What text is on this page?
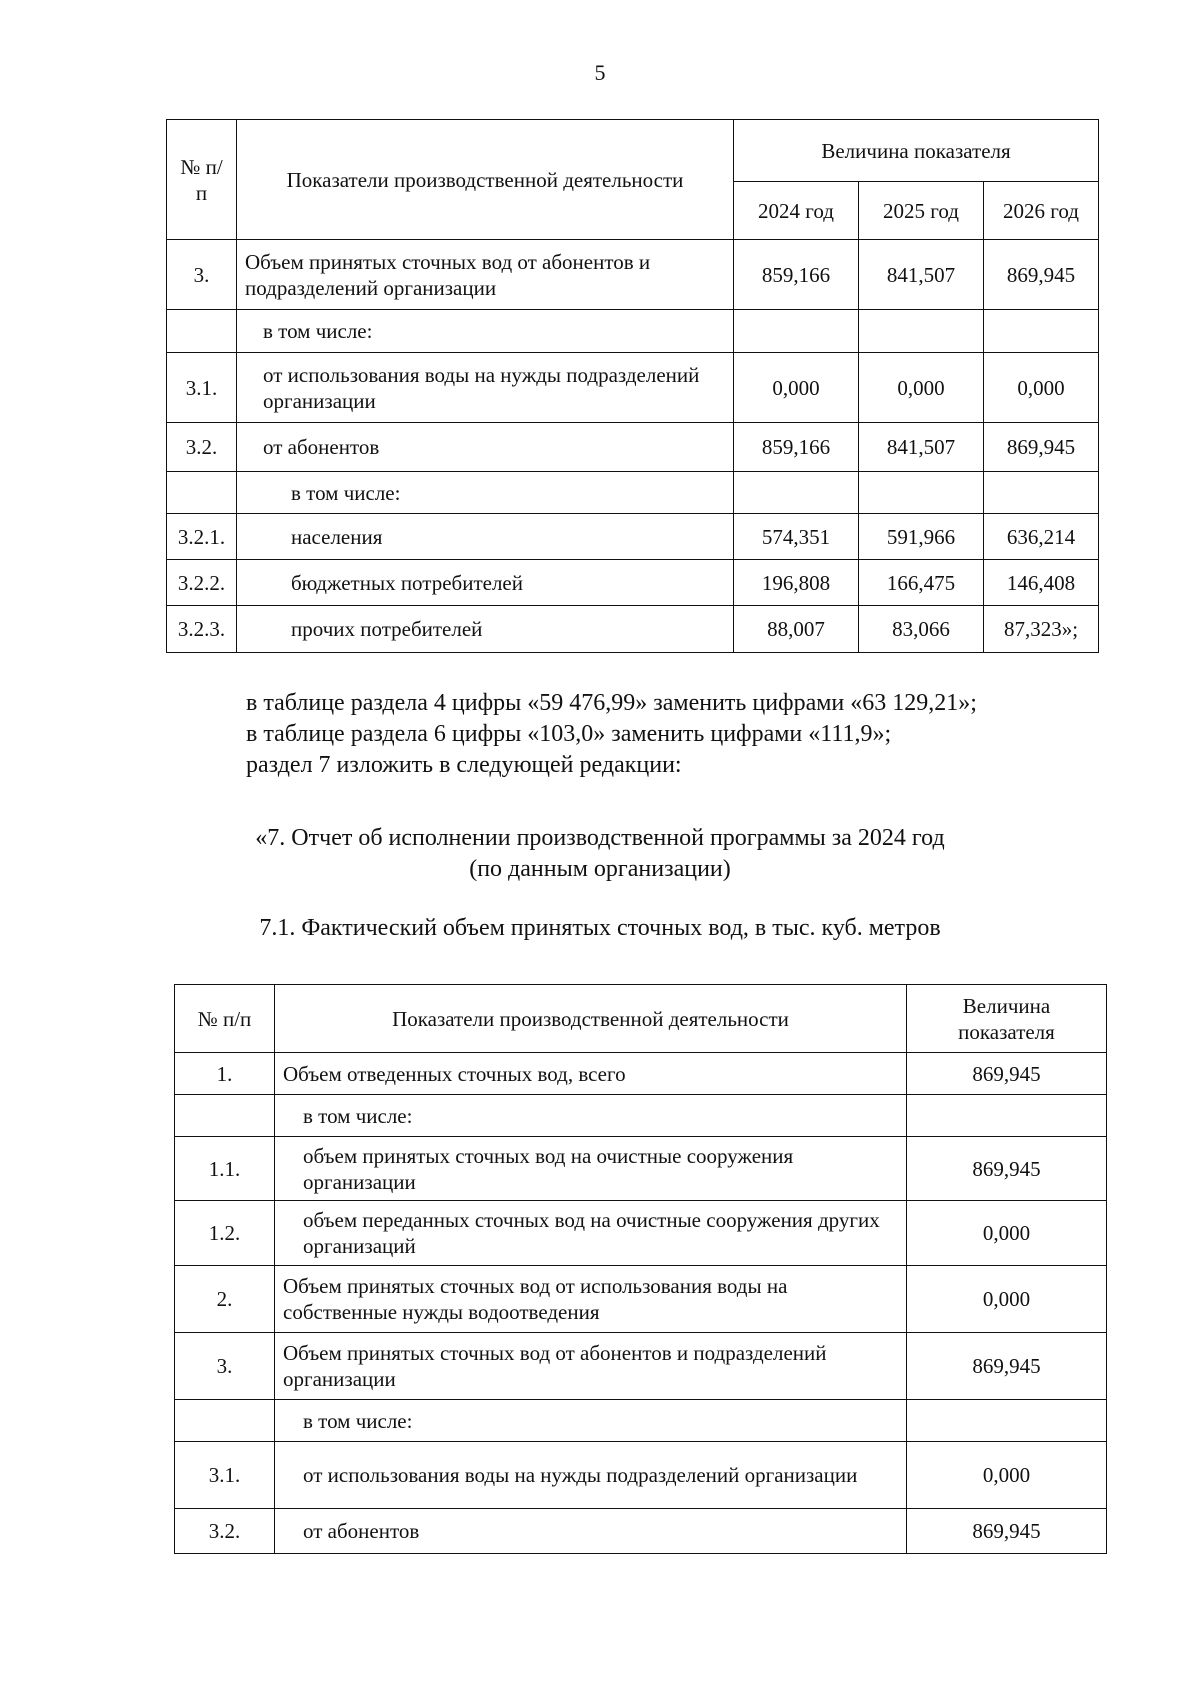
5
№ п/п	Показатели производственной деятельности	Величина показателя		
		2024 год	2025 год	2026 год
3.	Объем принятых сточных вод от абонентов и подразделений организации	859,166	841,507	869,945
	в том числе:			
3.1.	от использования воды на нужды подразделений организации	0,000	0,000	0,000
3.2.	от абонентов	859,166	841,507	869,945
	в том числе:			
3.2.1.	населения	574,351	591,966	636,214
3.2.2.	бюджетных потребителей	196,808	166,475	146,408
3.2.3.	прочих потребителей	88,007	83,066	87,323»;
в таблице раздела 4 цифры «59 476,99» заменить цифрами «63 129,21»;
в таблице раздела 6 цифры «103,0» заменить цифрами «111,9»;
раздел 7 изложить в следующей редакции:
«7. Отчет об исполнении производственной программы за 2024 год
(по данным организации)
7.1. Фактический объем принятых сточных вод, в тыс. куб. метров
№ п/п	Показатели производственной деятельности	Величина показателя
1.	Объем отведенных сточных вод, всего	869,945
	в том числе:	
1.1.	объем принятых сточных вод на очистные сооружения организации	869,945
1.2.	объем переданных сточных вод на очистные сооружения других организаций	0,000
2.	Объем принятых сточных вод от использования воды на собственные нужды водоотведения	0,000
3.	Объем принятых сточных вод от абонентов и подразделений организации	869,945
	в том числе:	
3.1.	от использования воды на нужды подразделений организации	0,000
3.2.	от абонентов	869,945
